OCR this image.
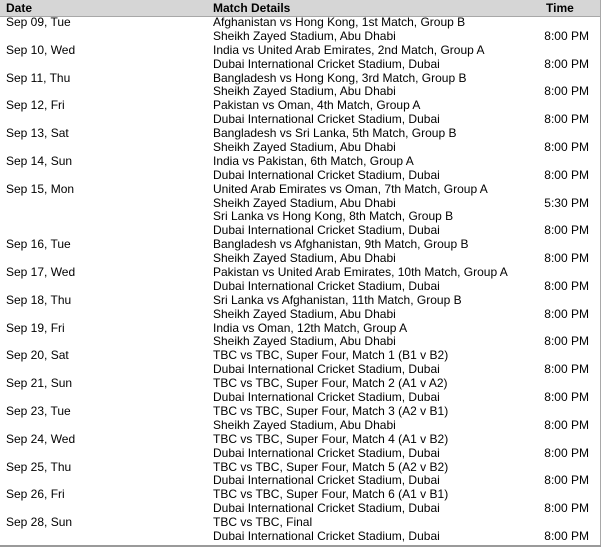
Date	Match Details	Time
Sep 09, Tue	Afghanistan vs Hong Kong, 1st Match, Group B
Sheikh Zayed Stadium, Abu Dhabi	8:00 PM
Sep 10, Wed	India vs United Arab Emirates, 2nd Match, Group A
Dubai International Cricket Stadium, Dubai	8:00 PM
Sep 11, Thu	Bangladesh vs Hong Kong, 3rd Match, Group B
Sheikh Zayed Stadium, Abu Dhabi	8:00 PM
Sep 12, Fri	Pakistan vs Oman, 4th Match, Group A
Dubai International Cricket Stadium, Dubai	8:00 PM
Sep 13, Sat	Bangladesh vs Sri Lanka, 5th Match, Group B
Sheikh Zayed Stadium, Abu Dhabi	8:00 PM
Sep 14, Sun	India vs Pakistan, 6th Match, Group A
Dubai International Cricket Stadium, Dubai	8:00 PM
Sep 15, Mon	United Arab Emirates vs Oman, 7th Match, Group A
Sheikh Zayed Stadium, Abu Dhabi	5:30 PM
Sri Lanka vs Hong Kong, 8th Match, Group B
Dubai International Cricket Stadium, Dubai	8:00 PM
Sep 16, Tue	Bangladesh vs Afghanistan, 9th Match, Group B
Sheikh Zayed Stadium, Abu Dhabi	8:00 PM
Sep 17, Wed	Pakistan vs United Arab Emirates, 10th Match, Group A
Dubai International Cricket Stadium, Dubai	8:00 PM
Sep 18, Thu	Sri Lanka vs Afghanistan, 11th Match, Group B
Sheikh Zayed Stadium, Abu Dhabi	8:00 PM
Sep 19, Fri	India vs Oman, 12th Match, Group A
Sheikh Zayed Stadium, Abu Dhabi	8:00 PM
Sep 20, Sat	TBC vs TBC, Super Four, Match 1 (B1 v B2)
Dubai International Cricket Stadium, Dubai	8:00 PM
Sep 21, Sun	TBC vs TBC, Super Four, Match 2 (A1 v A2)
Dubai International Cricket Stadium, Dubai	8:00 PM
Sep 23, Tue	TBC vs TBC, Super Four, Match 3 (A2 v B1)
Sheikh Zayed Stadium, Abu Dhabi	8:00 PM
Sep 24, Wed	TBC vs TBC, Super Four, Match 4 (A1 v B2)
Dubai International Cricket Stadium, Dubai	8:00 PM
Sep 25, Thu	TBC vs TBC, Super Four, Match 5 (A2 v B2)
Dubai International Cricket Stadium, Dubai	8:00 PM
Sep 26, Fri	TBC vs TBC, Super Four, Match 6 (A1 v B1)
Dubai International Cricket Stadium, Dubai	8:00 PM
Sep 28, Sun	TBC vs TBC, Final
Dubai International Cricket Stadium, Dubai	8:00 PM
